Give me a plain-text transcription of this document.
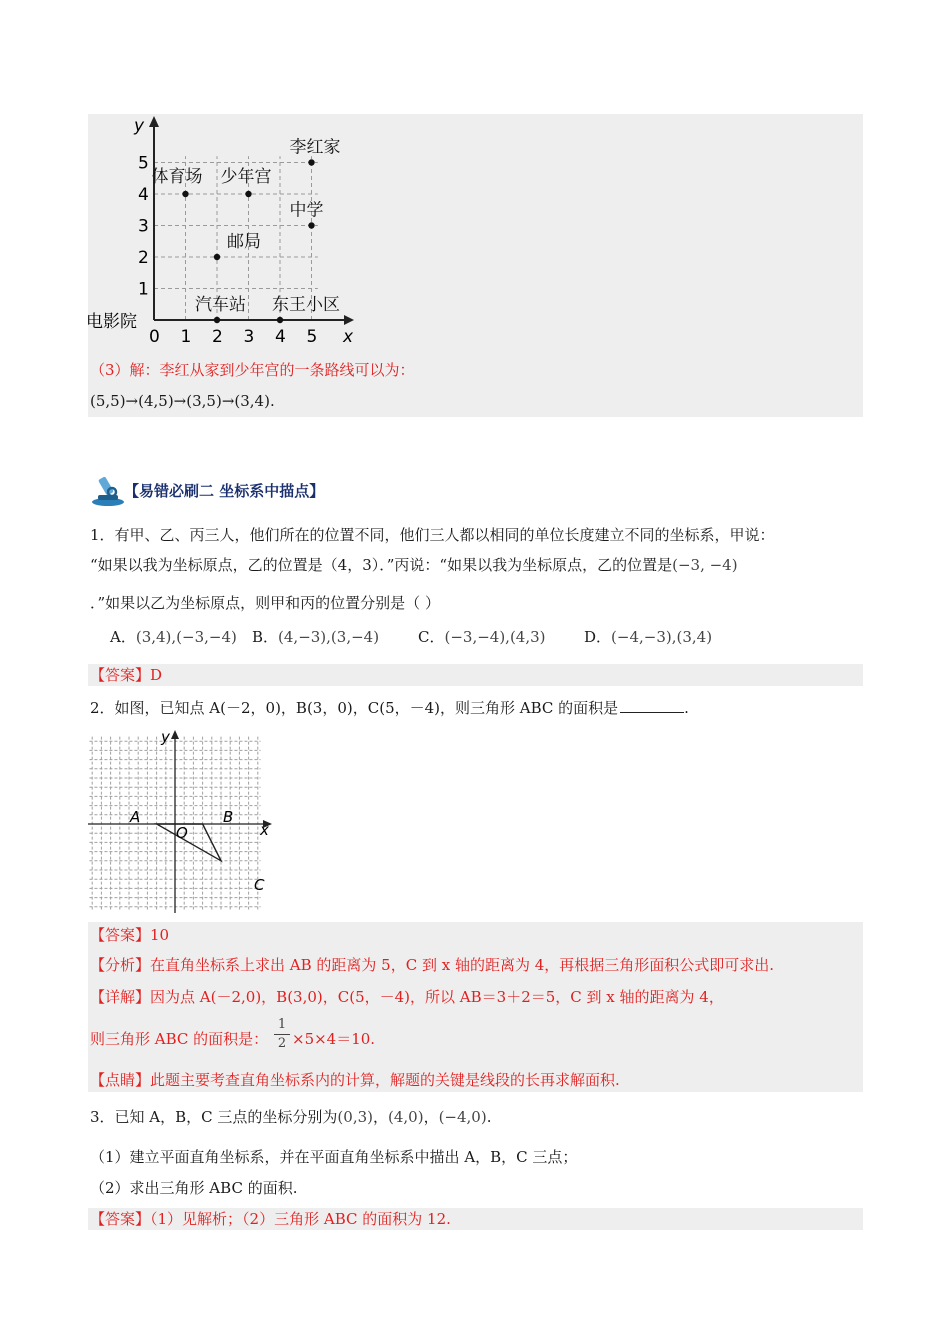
y
x
电影院
0 1 2 3 4 5
1
2
3
4
5
李红家
体育场 少年宫
中学
邮局
汽车站 东王小区
（3）解：李红从家到少年宫的一条路线可以为：
(5,5)→(4,5)→(3,5)→(3,4).
【易错必刷二 坐标系中描点】
1．有甲、乙、丙三人，他们所在的位置不同，他们三人都以相同的单位长度建立不同的坐标系，甲说：
“如果以我为坐标原点，乙的位置是（4，3）．”丙说：“如果以我为坐标原点，乙的位置是(−3, −4)
．”如果以乙为坐标原点，则甲和丙的位置分别是（ ）
A．(3,4),(−3,−4) B．(4,−3),(3,−4)	C．(−3,−4),(4,3)	D．(−4,−3),(3,4)
【答案】D
2．如图，已知点 A(－2，0)，B(3，0)，C(5，－4)，则三角形 ABC 的面积是	.
y
x
O
A	B
C
【答案】10
【分析】在直角坐标系上求出 AB 的距离为 5，C 到 x 轴的距离为 4，再根据三角形面积公式即可求出.
【详解】因为点 A(－2,0)，B(3,0)，C(5，－4)，所以 AB＝3＋2＝5，C 到 x 轴的距离为 4，
则三角形 ABC 的面积是：
1
2 ×5×4＝10.
【点睛】此题主要考查直角坐标系内的计算，解题的关键是线段的长再求解面积.
3．已知 A，B，C 三点的坐标分别为(0,3)，(4,0)，(−4,0).
（1）建立平面直角坐标系，并在平面直角坐标系中描出 A，B，C 三点；
（2）求出三角形 ABC 的面积.
【答案】（1）见解析；（2）三角形 ABC 的面积为 12.
